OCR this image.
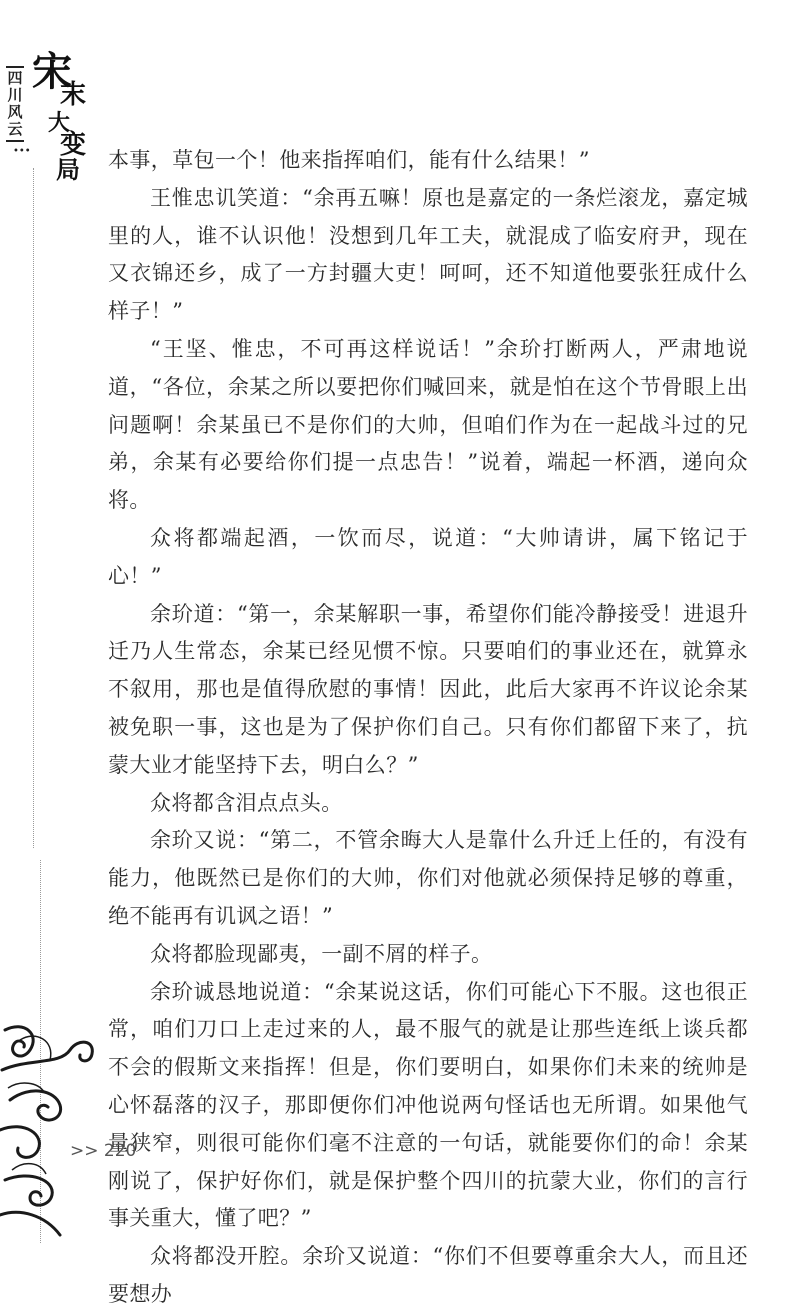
四
川
风
云
•••
宋
末
大
变
局 本事，草包一个！他来指挥咱们，能有什么结果！”

王惟忠讥笑道：“余再五嘛！原也是嘉定的一条烂滚龙，嘉定城里的人，谁不认识他！没想到几年工夫，就混成了临安府尹，现在又衣锦还乡，成了一方封疆大吏！呵呵，还不知道他要张狂成什么样子！”

“王坚、惟忠，不可再这样说话！”余玠打断两人，严肃地说道，“各位，余某之所以要把你们喊回来，就是怕在这个节骨眼上出问题啊！余某虽已不是你们的大帅，但咱们作为在一起战斗过的兄弟，余某有必要给你们提一点忠告！”说着，端起一杯酒，递向众将。

众将都端起酒，一饮而尽，说道：“大帅请讲，属下铭记于心！”

余玠道：“第一，余某解职一事，希望你们能冷静接受！进退升迁乃人生常态，余某已经见惯不惊。只要咱们的事业还在，就算永不叙用，那也是值得欣慰的事情！因此，此后大家再不许议论余某被免职一事，这也是为了保护你们自己。只有你们都留下来了，抗蒙大业才能坚持下去，明白么？”

众将都含泪点点头。

余玠又说：“第二，不管余晦大人是靠什么升迁上任的，有没有能力，他既然已是你们的大帅，你们对他就必须保持足够的尊重，绝不能再有讥讽之语！”

众将都脸现鄙夷，一副不屑的样子。

余玠诚恳地说道：“余某说这话，你们可能心下不服。这也很正常，咱们刀口上走过来的人，最不服气的就是让那些连纸上谈兵都不会的假斯文来指挥！但是，你们要明白，如果你们未来的统帅是心怀磊落的汉子，那即便你们冲他说两句怪话也无所谓。如果他气量狭窄，则很可能你们毫不注意的一句话，就能要你们的命！余某刚说了，保护好你们，就是保护整个四川的抗蒙大业，你们的言行事关重大，懂了吧？”

众将都没开腔。余玠又说道：“你们不但要尊重余大人，而且还要想办

>> 220
